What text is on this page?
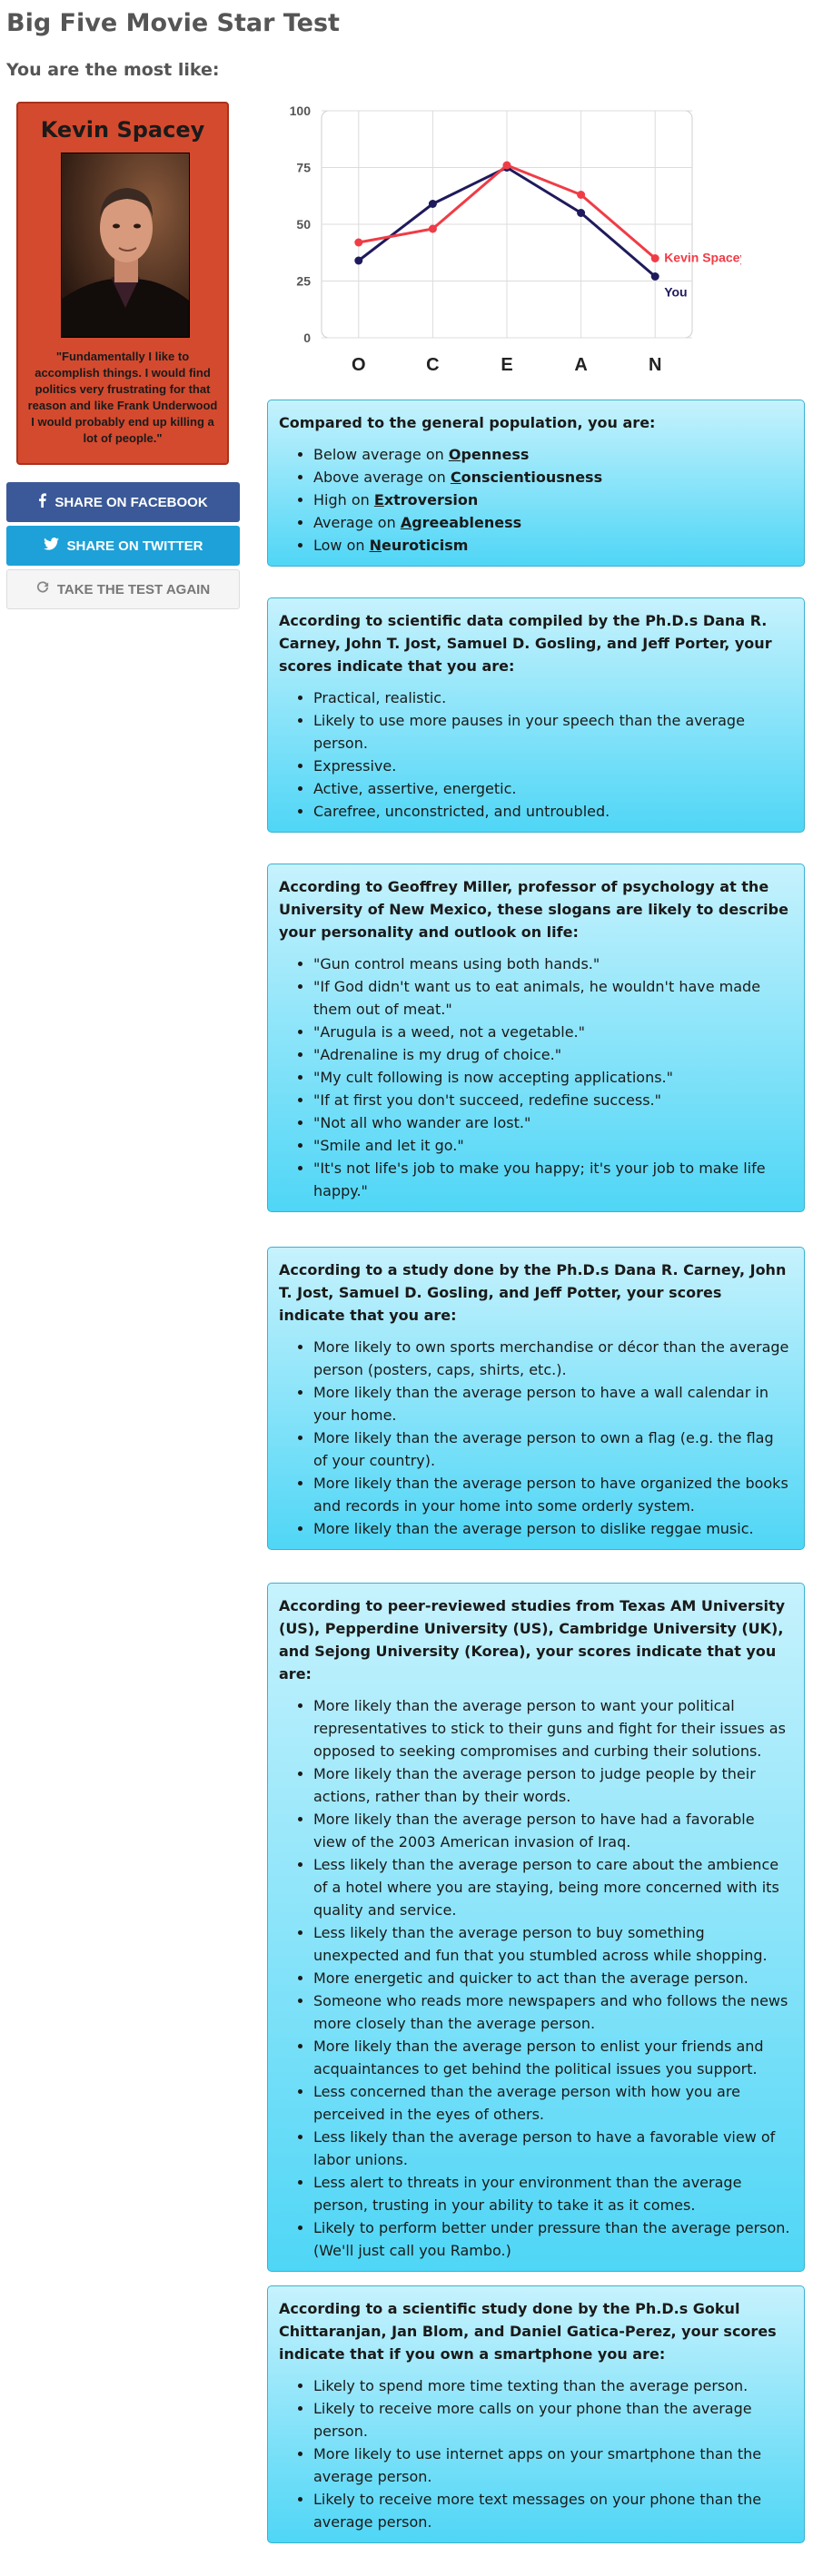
Big Five Movie Star Test

You are the most like:

Kevin Spacey
"Fundamentally I like to accomplish things. I would find politics very frustrating for that reason and like Frank Underwood I would probably end up killing a lot of people."
SHARE ON FACEBOOK
SHARE ON TWITTER
TAKE THE TEST AGAIN
0
25
50
75
100
O	C	E	A	N
You
Kevin Spacey

Compared to the general population, you are:

• Below average on Openness
• Above average on Conscientiousness
• High on Extroversion
• Average on Agreeableness
• Low on Neuroticism

According to scientific data compiled by the Ph.D.s Dana R. Carney, John T. Jost, Samuel D. Gosling, and Jeff Porter, your scores indicate that you are:

• Practical, realistic.
• Likely to use more pauses in your speech than the average person.
• Expressive.
• Active, assertive, energetic.
• Carefree, unconstricted, and untroubled.

According to Geoffrey Miller, professor of psychology at the University of New Mexico, these slogans are likely to describe your personality and outlook on life:

• "Gun control means using both hands."
• "If God didn't want us to eat animals, he wouldn't have made them out of meat."
• "Arugula is a weed, not a vegetable."
• "Adrenaline is my drug of choice."
• "My cult following is now accepting applications."
• "If at first you don't succeed, redefine success."
• "Not all who wander are lost."
• "Smile and let it go."
• "It's not life's job to make you happy; it's your job to make life happy."

According to a study done by the Ph.D.s Dana R. Carney, John T. Jost, Samuel D. Gosling, and Jeff Potter, your scores indicate that you are:

• More likely to own sports merchandise or décor than the average person (posters, caps, shirts, etc.).
• More likely than the average person to have a wall calendar in your home.
• More likely than the average person to own a flag (e.g. the flag of your country).
• More likely than the average person to have organized the books and records in your home into some orderly system.
• More likely than the average person to dislike reggae music.

According to peer-reviewed studies from Texas AM University (US), Pepperdine University (US), Cambridge University (UK), and Sejong University (Korea), your scores indicate that you are:

• More likely than the average person to want your political representatives to stick to their guns and fight for their issues as opposed to seeking compromises and curbing their solutions.
• More likely than the average person to judge people by their actions, rather than by their words.
• More likely than the average person to have had a favorable view of the 2003 American invasion of Iraq.
• Less likely than the average person to care about the ambience of a hotel where you are staying, being more concerned with its quality and service.
• Less likely than the average person to buy something unexpected and fun that you stumbled across while shopping.
• More energetic and quicker to act than the average person.
• Someone who reads more newspapers and who follows the news more closely than the average person.
• More likely than the average person to enlist your friends and acquaintances to get behind the political issues you support.
• Less concerned than the average person with how you are perceived in the eyes of others.
• Less likely than the average person to have a favorable view of labor unions.
• Less alert to threats in your environment than the average person, trusting in your ability to take it as it comes.
• Likely to perform better under pressure than the average person. (We'll just call you Rambo.)

According to a scientific study done by the Ph.D.s Gokul Chittaranjan, Jan Blom, and Daniel Gatica-Perez, your scores indicate that if you own a smartphone you are:

• Likely to spend more time texting than the average person.
• Likely to receive more calls on your phone than the average person.
• More likely to use internet apps on your smartphone than the average person.
• Likely to receive more text messages on your phone than the average person.
